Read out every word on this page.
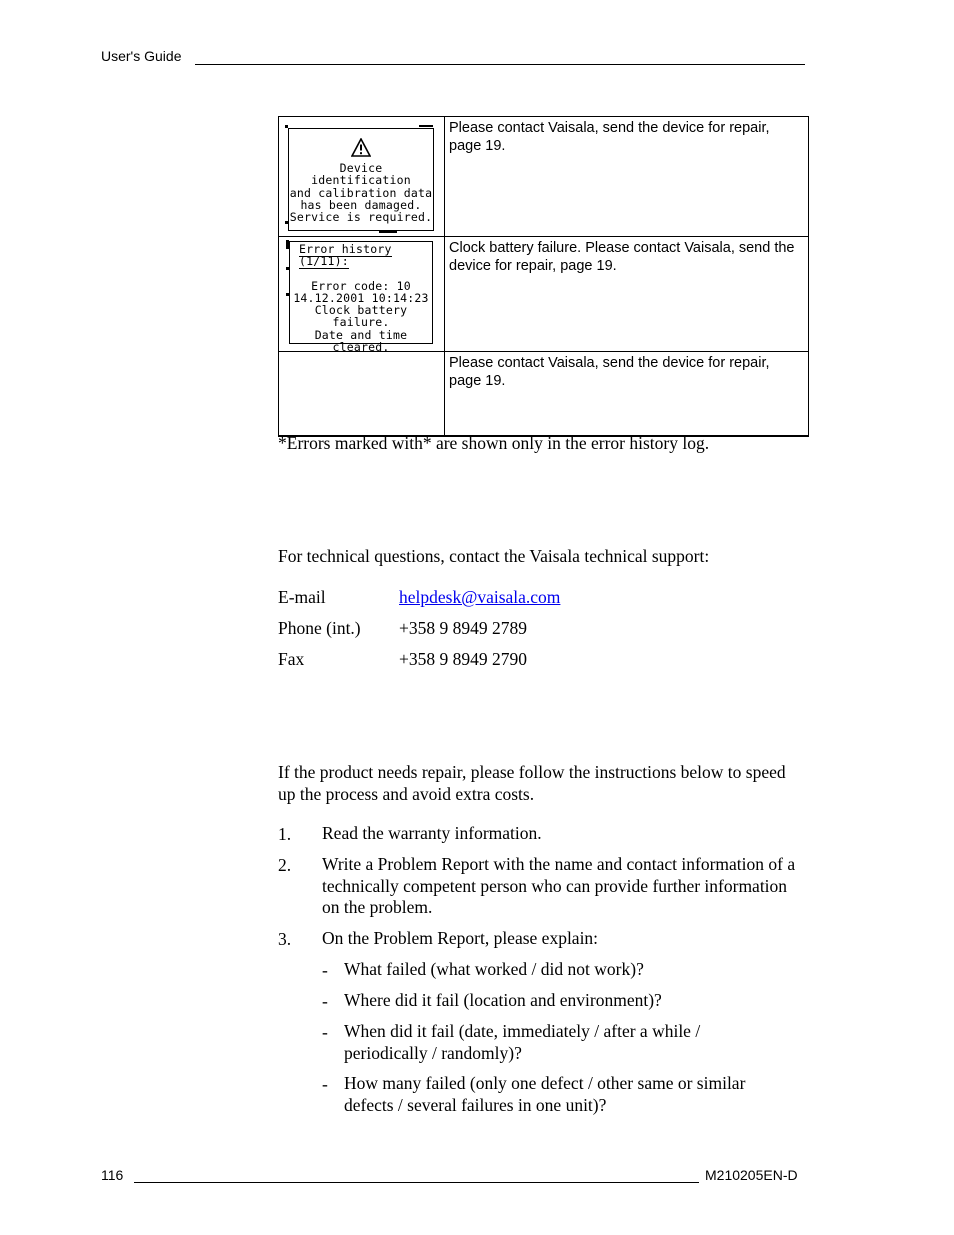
User's Guide
Device identification
and calibration data
has been damaged.
Service is required.	Please contact Vaisala, send the device for repair, page 19.

Error history (1/11):
Error code: 10
14.12.2001 10:14:23
Clock battery failure.
Date and time cleared.	Clock battery failure. Please contact Vaisala, send the device for repair, page 19.
	Please contact Vaisala, send the device for repair, page 19.
*Errors marked with* are shown only in the error history log.
For technical questions, contact the Vaisala technical support:
E-mail	helpdesk@vaisala.com
Phone (int.) +358 9 8949 2789
Fax	+358 9 8949 2790
If the product needs repair, please follow the instructions below to speed up the process and avoid extra costs.
1. Read the warranty information.
2. Write a Problem Report with the name and contact information of a technically competent person who can provide further information on the problem.
3. On the Problem Report, please explain:
- What failed (what worked / did not work)?
- Where did it fail (location and environment)?
- When did it fail (date, immediately / after a while / periodically / randomly)?
- How many failed (only one defect / other same or similar defects / several failures in one unit)?
116	M210205EN-D
